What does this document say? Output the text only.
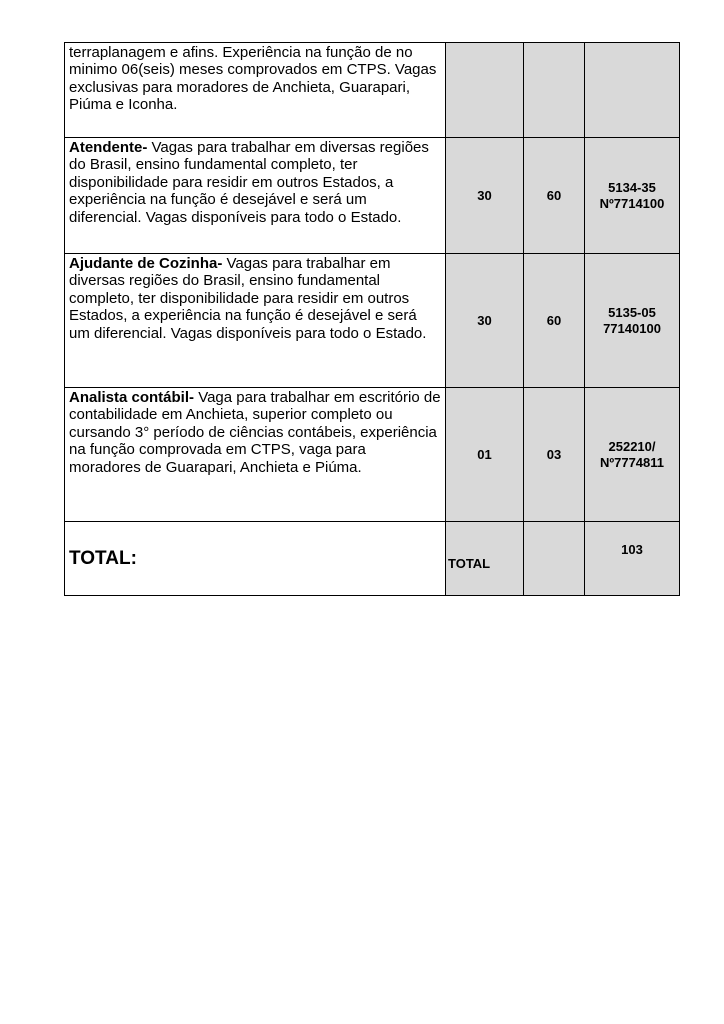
terraplanagem e afins. Experiência na função de no minimo 06(seis) meses comprovados em CTPS. Vagas exclusivas para moradores de Anchieta, Guarapari, Piúma e Iconha.			
Atendente- Vagas para trabalhar em diversas regiões do Brasil, ensino fundamental completo, ter disponibilidade para residir em outros Estados, a experiência na função é desejável e será um diferencial. Vagas disponíveis para todo o Estado.	30	60	5134-35
Nº7714100

Ajudante de Cozinha- Vagas para trabalhar em diversas regiões do Brasil, ensino fundamental completo, ter disponibilidade para residir em outros Estados, a experiência na função é desejável e será um diferencial. Vagas disponíveis para todo o Estado.	30	60	5135-05
77140100

Analista contábil- Vaga para trabalhar em escritório de contabilidade em Anchieta, superior completo ou cursando 3° período de ciências contábeis, experiência na função comprovada em CTPS, vaga para moradores de Guarapari, Anchieta e Piúma.	01	03	252210/
Nº7774811

TOTAL:	TOTAL		103
